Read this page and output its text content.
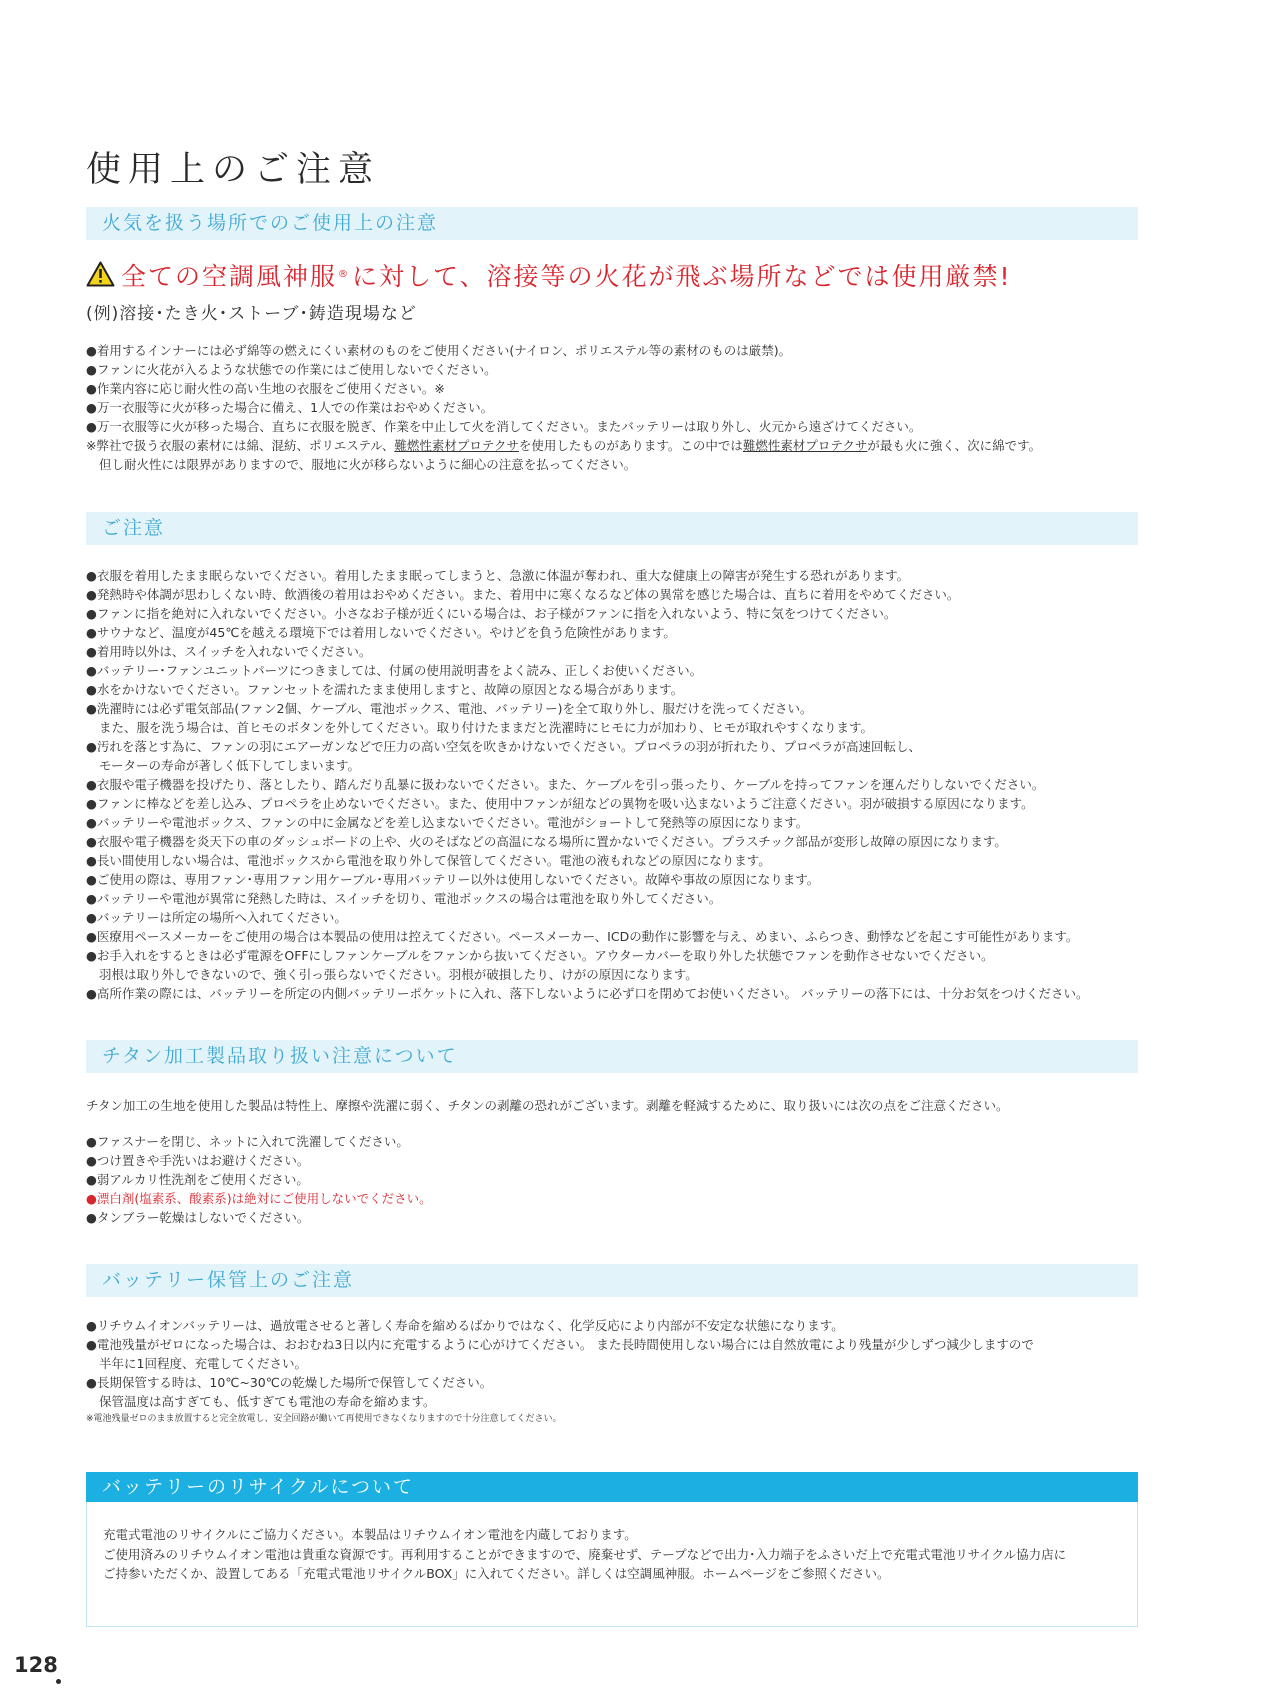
使用上のご注意
火気を扱う場所でのご使用上の注意
全ての空調風神服® に対して、溶接等の火花が飛ぶ場所などでは使用厳禁!
(例)溶接･たき火･ストーブ･鋳造現場など
●着用するインナーには必ず綿等の燃えにくい素材のものをご使用ください(ナイロン、ポリエステル等の素材のものは厳禁)。
●ファンに火花が入るような状態での作業にはご使用しないでください。
●作業内容に応じ耐火性の高い生地の衣服をご使用ください。※
●万一衣服等に火が移った場合に備え、1人での作業はおやめください。
●万一衣服等に火が移った場合、直ちに衣服を脱ぎ、作業を中止して火を消してください。またバッテリーは取り外し、火元から遠ざけてください。
※弊社で扱う衣服の素材には綿、混紡、ポリエステル、難燃性素材プロテクサを使用したものがあります。この中では難燃性素材プロテクサが最も火に強く、次に綿です。
但し耐火性には限界がありますので、服地に火が移らないように細心の注意を払ってください。
ご注意
●衣服を着用したまま眠らないでください。着用したまま眠ってしまうと、急激に体温が奪われ、重大な健康上の障害が発生する恐れがあります。
●発熱時や体調が思わしくない時、飲酒後の着用はおやめください。また、着用中に寒くなるなど体の異常を感じた場合は、直ちに着用をやめてください。
●ファンに指を絶対に入れないでください。小さなお子様が近くにいる場合は、お子様がファンに指を入れないよう、特に気をつけてください。
●サウナなど、温度が45℃を越える環境下では着用しないでください。やけどを負う危険性があります。
●着用時以外は、スイッチを入れないでください。
●バッテリー･ファンユニットパーツにつきましては、付属の使用説明書をよく読み、正しくお使いください。
●水をかけないでください。ファンセットを濡れたまま使用しますと、故障の原因となる場合があります。
●洗濯時には必ず電気部品(ファン2個、ケーブル、電池ボックス、電池、バッテリー)を全て取り外し、服だけを洗ってください。
また、服を洗う場合は、首ヒモのボタンを外してください。取り付けたままだと洗濯時にヒモに力が加わり、ヒモが取れやすくなります。
●汚れを落とす為に、ファンの羽にエアーガンなどで圧力の高い空気を吹きかけないでください。プロペラの羽が折れたり、プロペラが高速回転し、
モーターの寿命が著しく低下してしまいます。
●衣服や電子機器を投げたり、落としたり、踏んだり乱暴に扱わないでください。また、ケーブルを引っ張ったり、ケーブルを持ってファンを運んだりしないでください。
●ファンに棒などを差し込み、プロペラを止めないでください。また、使用中ファンが紐などの異物を吸い込まないようご注意ください。羽が破損する原因になります。
●バッテリーや電池ボックス、ファンの中に金属などを差し込まないでください。電池がショートして発熱等の原因になります。
●衣服や電子機器を炎天下の車のダッシュボードの上や、火のそばなどの高温になる場所に置かないでください。プラスチック部品が変形し故障の原因になります。
●長い間使用しない場合は、電池ボックスから電池を取り外して保管してください。電池の液もれなどの原因になります。
●ご使用の際は、専用ファン･専用ファン用ケーブル･専用バッテリー以外は使用しないでください。故障や事故の原因になります。
●バッテリーや電池が異常に発熱した時は、スイッチを切り、電池ボックスの場合は電池を取り外してください。
●バッテリーは所定の場所へ入れてください。
●医療用ペースメーカーをご使用の場合は本製品の使用は控えてください。ペースメーカー、ICDの動作に影響を与え、めまい、ふらつき、動悸などを起こす可能性があります。
●お手入れをするときは必ず電源をOFFにしファンケーブルをファンから抜いてください。アウターカバーを取り外した状態でファンを動作させないでください。
羽根は取り外しできないので、強く引っ張らないでください。羽根が破損したり、けがの原因になります。
●高所作業の際には、バッテリーを所定の内側バッテリーポケットに入れ、落下しないように必ず口を閉めてお使いください。 バッテリーの落下には、十分お気をつけください。
チタン加工製品取り扱い注意について

チタン加工の生地を使用した製品は特性上、摩擦や洗濯に弱く、チタンの剥離の恐れがございます。剥離を軽減するために、取り扱いには次の点をご注意ください。

●ファスナーを閉じ、ネットに入れて洗濯してください。
●つけ置きや手洗いはお避けください。
●弱アルカリ性洗剤をご使用ください。
●漂白剤(塩素系、酸素系)は絶対にご使用しないでください。
●タンブラー乾燥はしないでください。
バッテリー保管上のご注意
●リチウムイオンバッテリーは、過放電させると著しく寿命を縮めるばかりではなく、化学反応により内部が不安定な状態になります。
●電池残量がゼロになった場合は、おおむね3日以内に充電するように心がけてください。 また長時間使用しない場合には自然放電により残量が少しずつ減少しますので
半年に1回程度、充電してください。
●長期保管する時は、10℃~30℃の乾燥した場所で保管してください。
保管温度は高すぎても、低すぎても電池の寿命を縮めます。
※電池残量ゼロのまま放置すると完全放電し、安全回路が働いて再使用できなくなりますので十分注意してください。
バッテリーのリサイクルについて
充電式電池のリサイクルにご協力ください。本製品はリチウムイオン電池を内蔵しております。
ご使用済みのリチウムイオン電池は貴重な資源です。再利用することができますので、廃棄せず、テープなどで出力･入力端子をふさいだ上で充電式電池リサイクル協力店に
ご持参いただくか、設置してある「充電式電池リサイクルBOX」に入れてください。詳しくは空調風神服。ホームページをご参照ください。
128
